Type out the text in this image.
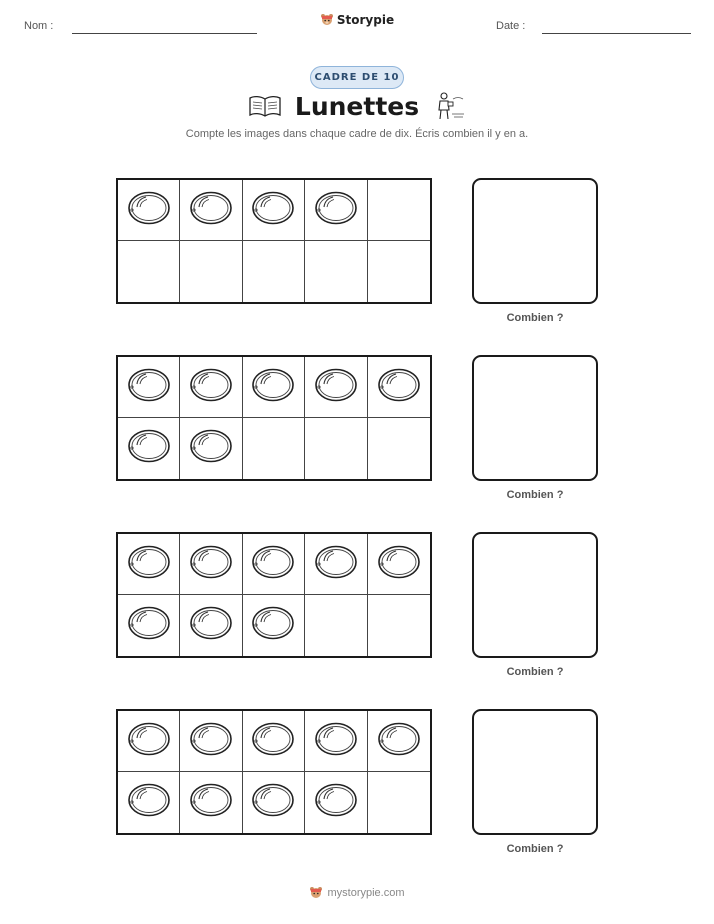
Nom :	Storypie	Date :
CADRE DE 10
Lunettes

Compte les images dans chaque cadre de dix. Écris combien il y en a.

Combien ?
Combien ?
Combien ?
Combien ?
mystorypie.com
